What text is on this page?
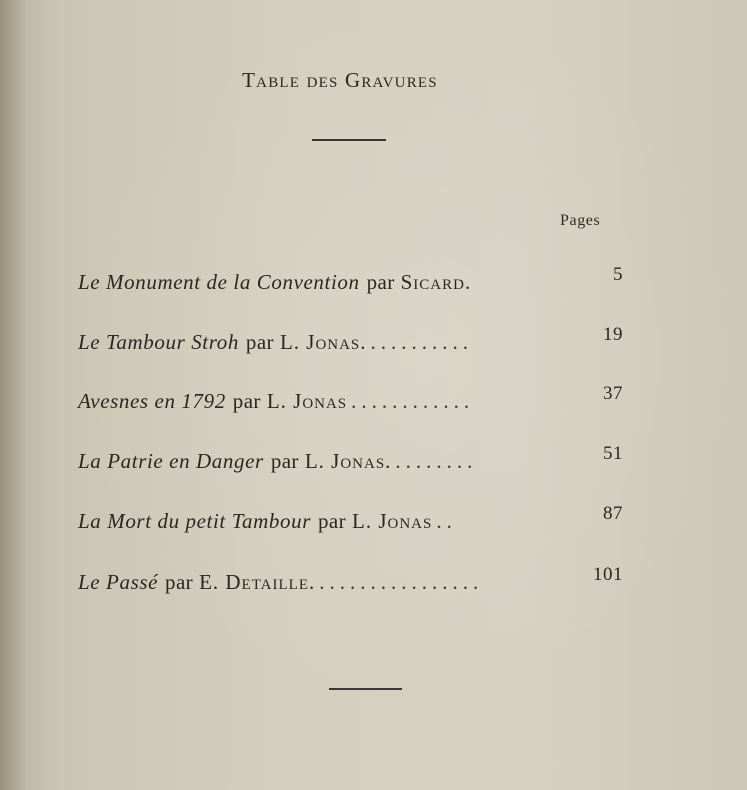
Table des Gravures
Pages
Le Monument de la Convention par Sicard.	5
Le Tambour Stroh par L. Jonas. ..........	19
Avesnes en 1792 par L. Jonas ............	37
La Patrie en Danger par L. Jonas. ........	51
La Mort du petit Tambour par L. Jonas ..	87
Le Passé par E. Detaille. ................	101
